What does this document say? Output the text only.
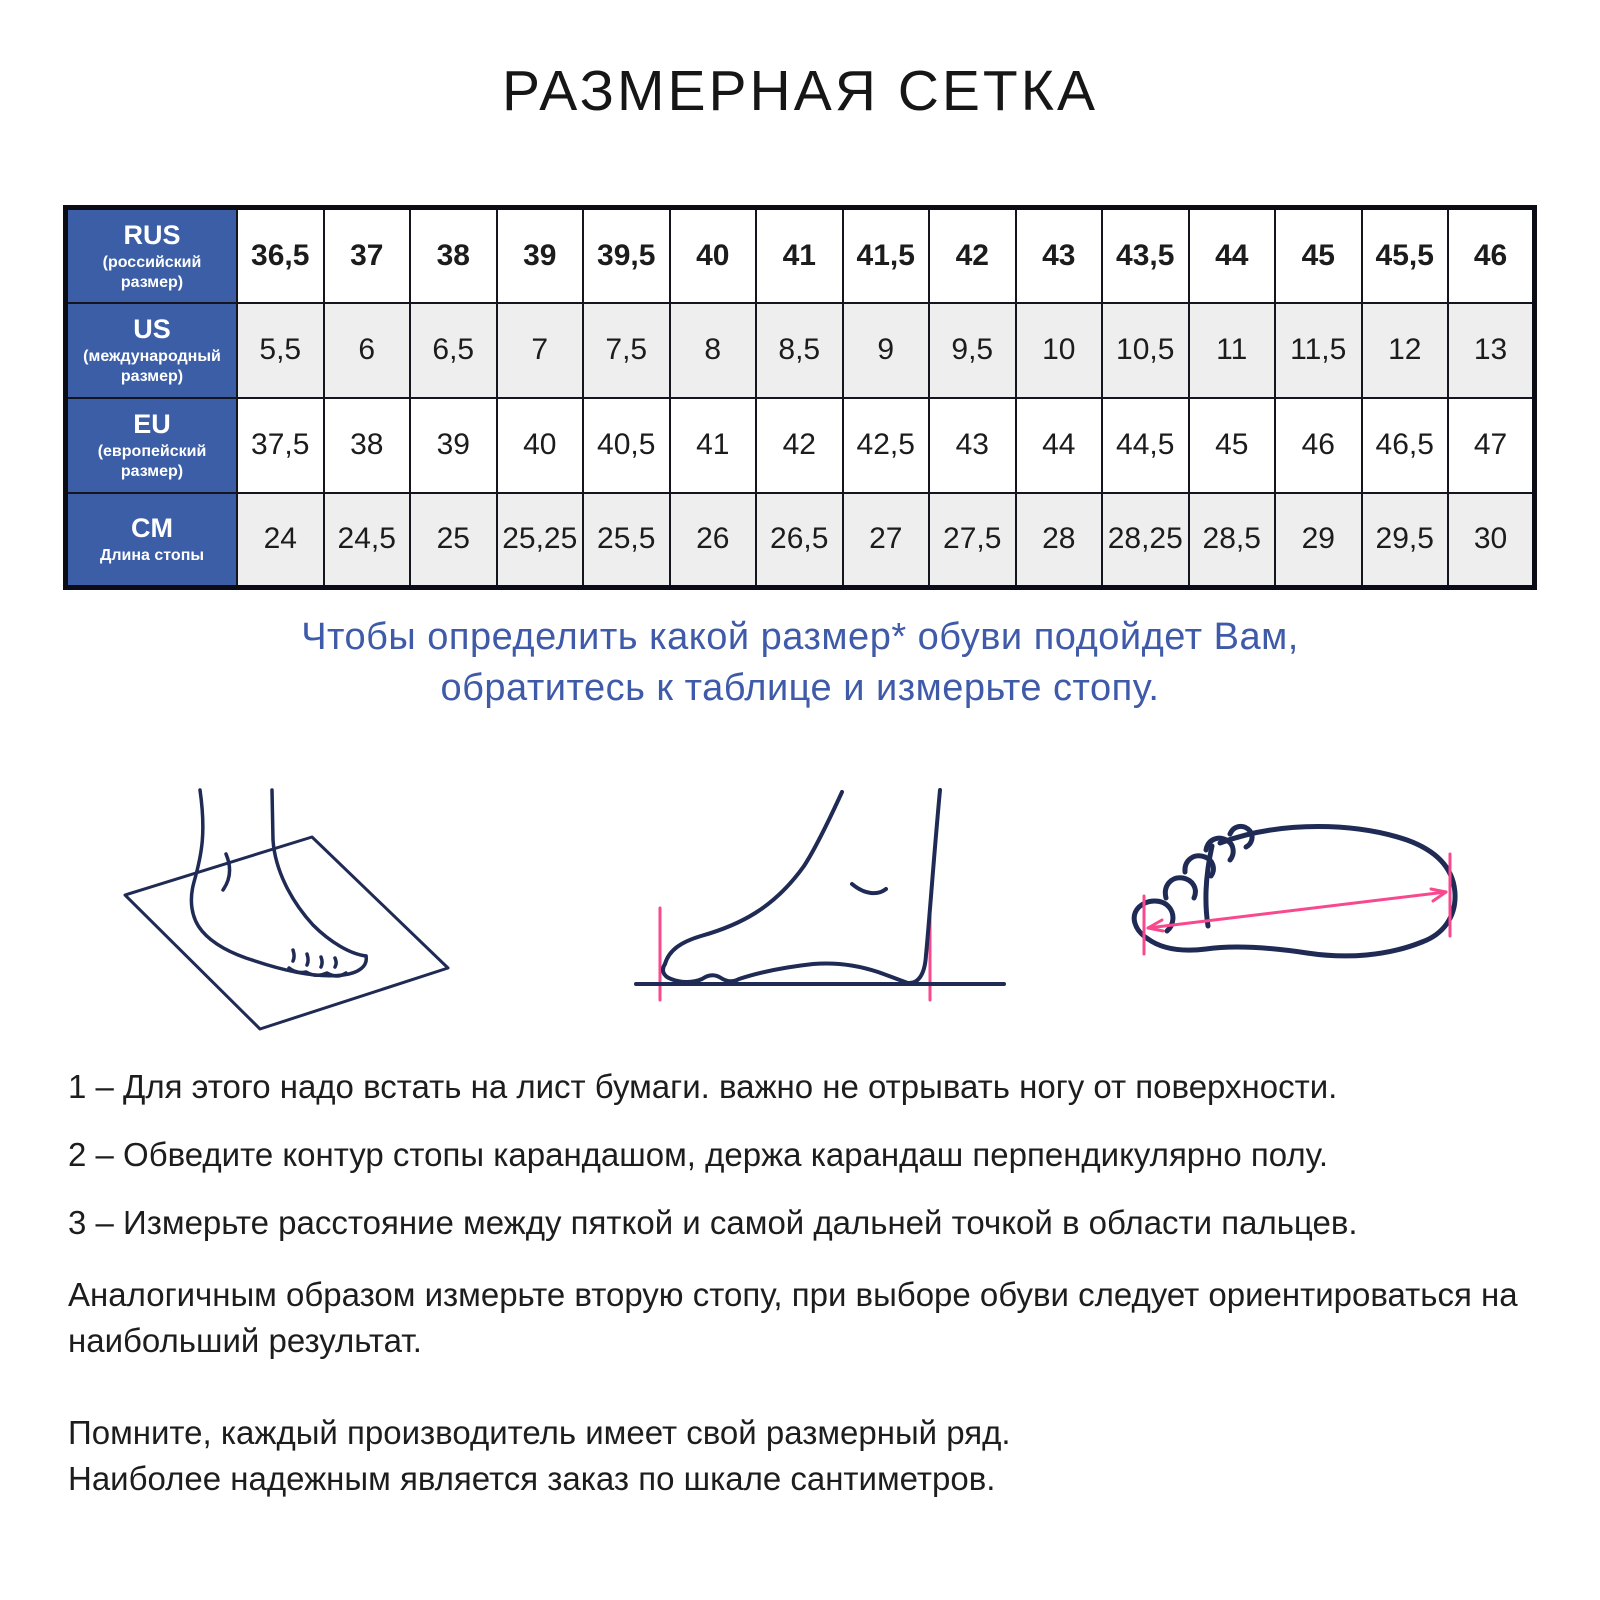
РАЗМЕРНАЯ СЕТКА
RUS
(российский размер)	36,5	37	38	39	39,5	40	41	41,5	42	43	43,5	44	45	45,5	46

US
(международный размер)	5,5	6	6,5	7	7,5	8	8,5	9	9,5	10	10,5	11	11,5	12	13

EU
(европейский размер)	37,5	38	39	40	40,5	41	42	42,5	43	44	44,5	45	46	46,5	47

CM
Длина стопы	24	24,5	25	25,25	25,5	26	26,5	27	27,5	28	28,25	28,5	29	29,5	30
Чтобы определить какой размер* обуви подойдет Вам,
обратитесь к таблице и измерьте стопу.

1 – Для этого надо встать на лист бумаги. важно не отрывать ногу от поверхности.

2 – Обведите контур стопы карандашом, держа карандаш перпендикулярно полу.

3 – Измерьте расстояние между пяткой и самой дальней точкой в области пальцев.

Аналогичным образом измерьте вторую стопу, при выборе обуви следует ориентироваться на наибольший результат.

Помните, каждый производитель имеет свой размерный ряд.
Наиболее надежным является заказ по шкале сантиметров.
